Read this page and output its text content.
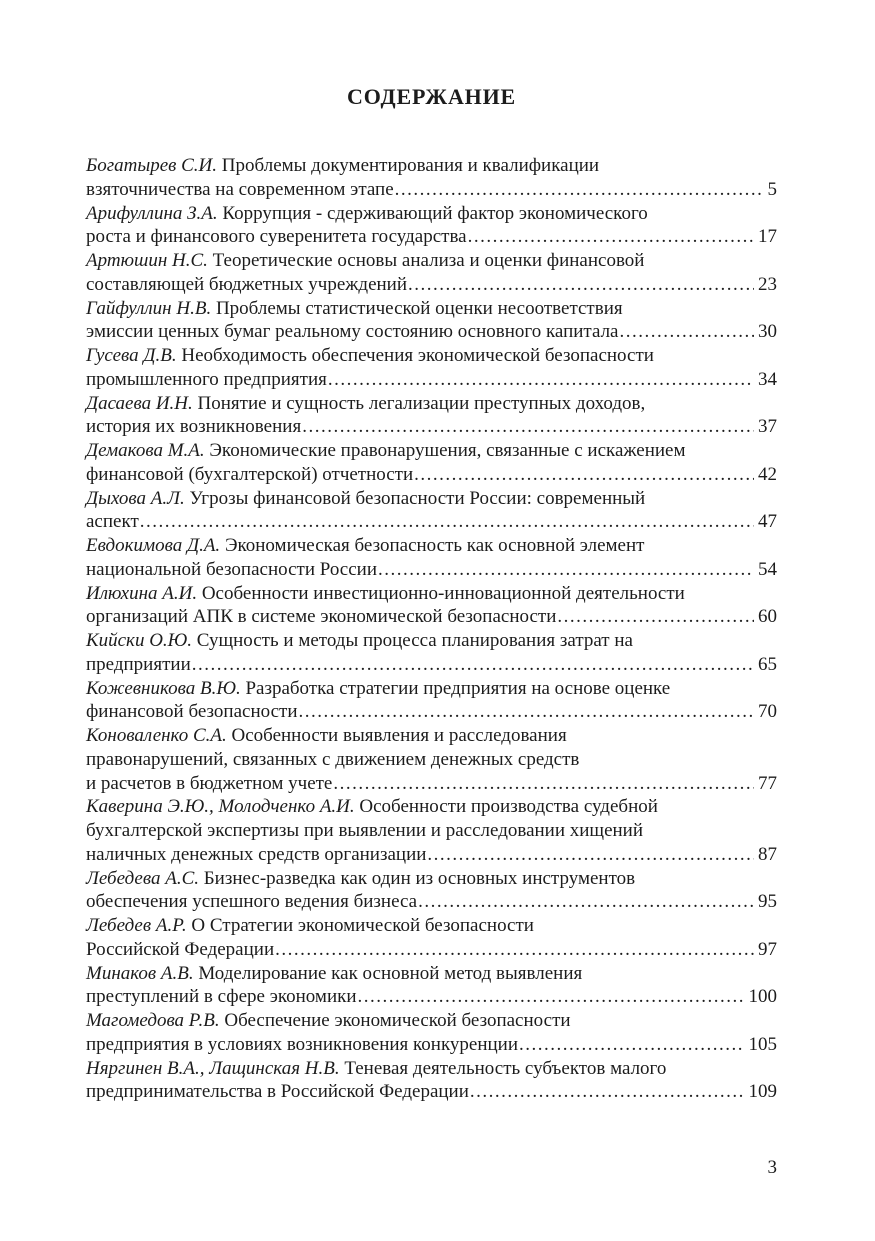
СОДЕРЖАНИЕ
Богатырев С.И. Проблемы документирования и квалификации
взяточничества на современном этапе .....	5
Арифуллина З.А. Коррупция - сдерживающий фактор экономического
роста и финансового суверенитета государства .....	17
Артюшин Н.С. Теоретические основы анализа и оценки финансовой
составляющей бюджетных учреждений .....	23
Гайфуллин Н.В. Проблемы статистической оценки несоответствия
эмиссии ценных бумаг реальному состоянию основного капитала .....	30
Гусева Д.В. Необходимость обеспечения экономической безопасности
промышленного предприятия .....	34
Дасаева И.Н. Понятие и сущность легализации преступных доходов,
история их возникновения .....	37
Демакова М.А. Экономические правонарушения, связанные с искажением
финансовой (бухгалтерской) отчетности .....	42
Дыхова А.Л. Угрозы финансовой безопасности России: современный
аспект .....	47
Евдокимова Д.А. Экономическая безопасность как основной элемент
национальной безопасности России .....	54
Илюхина А.И. Особенности инвестиционно-инновационной деятельности
организаций АПК в системе экономической безопасности .....	60
Кийски О.Ю. Сущность и методы процесса планирования затрат на
предприятии .....	65
Кожевникова В.Ю. Разработка стратегии предприятия на основе оценке
финансовой безопасности .....	70
Коноваленко С.А. Особенности выявления и расследования
правонарушений, связанных с движением денежных средств
и расчетов в бюджетном учете .....	77
Каверина Э.Ю., Молодченко А.И. Особенности производства судебной
бухгалтерской экспертизы при выявлении и расследовании хищений
наличных денежных средств организации .....	87
Лебедева А.С. Бизнес-разведка как один из основных инструментов
обеспечения успешного ведения бизнеса .....	95
Лебедев А.Р. О Стратегии экономической безопасности
Российской Федерации .....	97
Минаков А.В. Моделирование как основной метод выявления
преступлений в сфере экономики .....	100
Магомедова Р.В. Обеспечение экономической безопасности
предприятия в условиях возникновения конкуренции .....	105
Няргинен В.А., Лащинская Н.В. Теневая деятельность субъектов малого
предпринимательства в Российской Федерации .....	109
3
